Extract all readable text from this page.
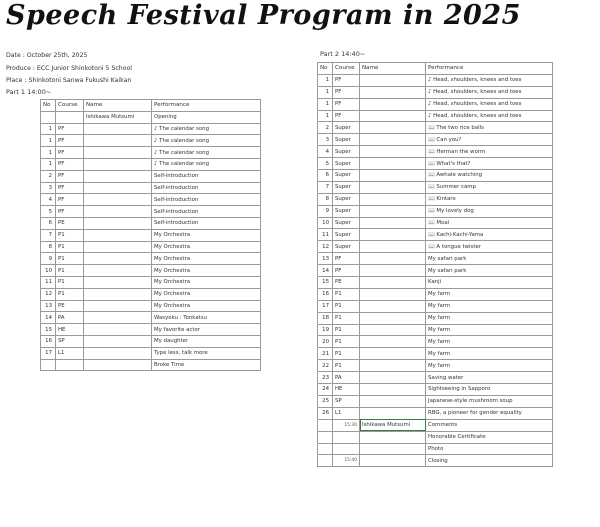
Speech Festival Program in 2025
Date : October 25th, 2025
Produce : ECC Junior Shinkotoni 5 School
Place : Shinkotoni Sanwa Fukushi Kaikan
Part 1 14:00~
Part 2 14:40~
No	Course	Name	Performance
		Ishikawa Mutsumi	Opening
1	PF		♪ The calendar song
1	PF		♪ The calendar song
1	PF		♪ The calendar song
1	PF		♪ The calendar song
2	PF		Self-introduction
3	PF		Self-introduction
4	PF		Self-introduction
5	PF		Self-introduction
6	PE		Self-introduction
7	P1		My Orchestra
8	P1		My Orchestra
9	P1		My Orchestra
10	P1		My Orchestra
11	P1		My Orchestra
12	P1		My Orchestra
13	PE		My Orchestra
14	PA		Wasyoku : Tonkatsu
15	HE		My favorite actor
16	SP		My daughter
17	L1		Type less, talk more
			Broke Time
No	Course	Name	Performance
1	PF		♪ Head, shoulders, knees and toes
1	PF		♪ Head, shoulders, knees and toes
1	PF		♪ Head, shoulders, knees and toes
1	PF		♪ Head, shoulders, knees and toes
2	Super		📖 The two rice balls
3	Super		📖 Can you?
4	Super		📖 Herman the worm
5	Super		📖 What's that?
6	Super		📖 Awhale watching
7	Super		📖 Summer camp
8	Super		📖 Kintaro
9	Super		📖 My lovely dog
10	Super		📖 Moai
11	Super		📖 Kachi-Kachi-Yama
12	Super		📖 A tongue twister
13	PF		My safari park
14	PF		My safari park
15	PE		Kanji
16	P1		My farm
17	P1		My farm
18	P1		My farm
19	P1		My farm
20	P1		My farm
21	P1		My farm
22	P1		My farm
23	PA		Saving water
24	HE		Sightseeing in Sapporo
25	SP		Japanese-style mushroom soup
26	L1		RBG, a pioneer for gender equality
	15:30	Ishikawa Mutsumi	Comments
			Honorable Certificate
			Photo
	15:40		Closing
